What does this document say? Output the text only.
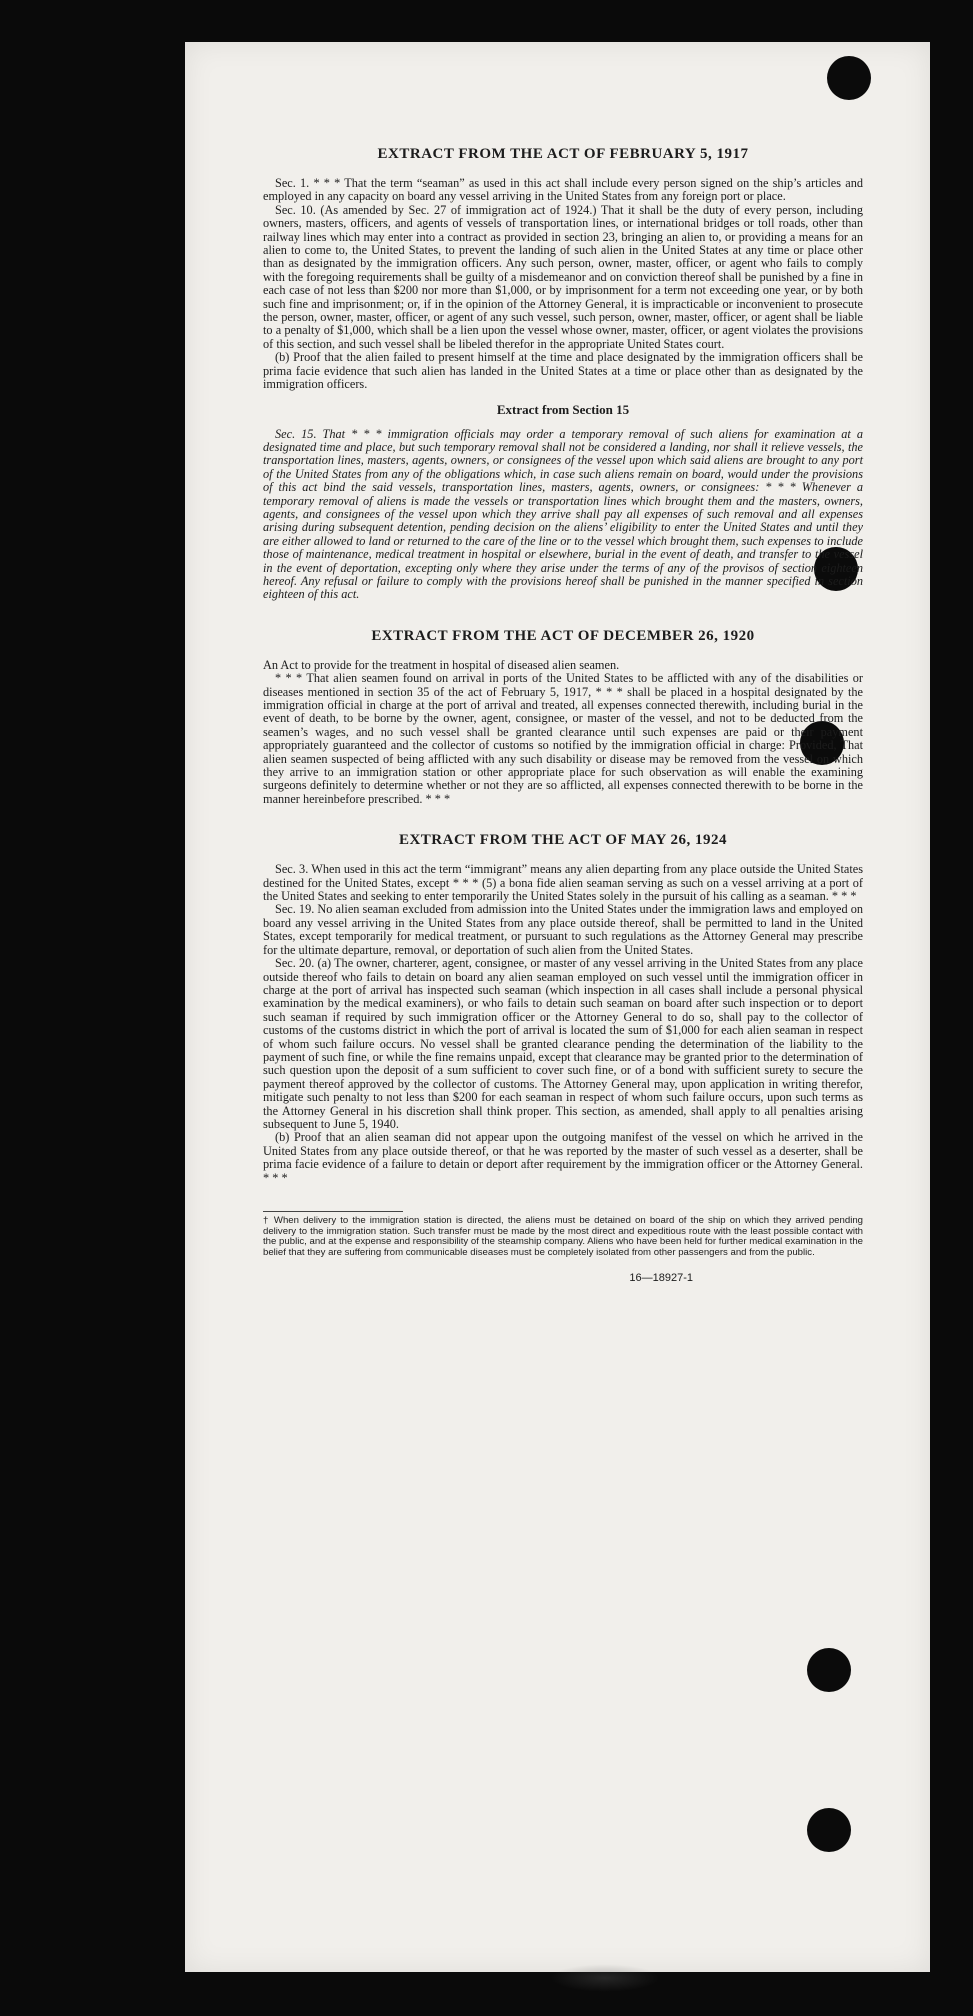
EXTRACT FROM THE ACT OF FEBRUARY 5, 1917

Sec. 1. * * * That the term “seaman” as used in this act shall include every person signed on the ship’s articles and employed in any capacity on board any vessel arriving in the United States from any foreign port or place.

Sec. 10. (As amended by Sec. 27 of immigration act of 1924.) That it shall be the duty of every person, including owners, masters, officers, and agents of vessels of transportation lines, or international bridges or toll roads, other than railway lines which may enter into a contract as provided in section 23, bringing an alien to, or providing a means for an alien to come to, the United States, to prevent the landing of such alien in the United States at any time or place other than as designated by the immigration officers. Any such person, owner, master, officer, or agent who fails to comply with the foregoing requirements shall be guilty of a misdemeanor and on conviction thereof shall be punished by a fine in each case of not less than $200 nor more than $1,000, or by imprisonment for a term not exceeding one year, or by both such fine and imprisonment; or, if in the opinion of the Attorney General, it is impracticable or inconvenient to prosecute the person, owner, master, officer, or agent of any such vessel, such person, owner, master, officer, or agent shall be liable to a penalty of $1,000, which shall be a lien upon the vessel whose owner, master, officer, or agent violates the provisions of this section, and such vessel shall be libeled therefor in the appropriate United States court.

(b) Proof that the alien failed to present himself at the time and place designated by the immigration officers shall be prima facie evidence that such alien has landed in the United States at a time or place other than as designated by the immigration officers.

Extract from Section 15

Sec. 15. That * * * immigration officials may order a temporary removal of such aliens for examination at a designated time and place, but such temporary removal shall not be considered a landing, nor shall it relieve vessels, the transportation lines, masters, agents, owners, or consignees of the vessel upon which said aliens are brought to any port of the United States from any of the obligations which, in case such aliens remain on board, would under the provisions of this act bind the said vessels, transportation lines, masters, agents, owners, or consignees: * * * Whenever a temporary removal of aliens is made the vessels or transportation lines which brought them and the masters, owners, agents, and consignees of the vessel upon which they arrive shall pay all expenses of such removal and all expenses arising during subsequent detention, pending decision on the aliens’ eligibility to enter the United States and until they are either allowed to land or returned to the care of the line or to the vessel which brought them, such expenses to include those of maintenance, medical treatment in hospital or elsewhere, burial in the event of death, and transfer to the vessel in the event of deportation, excepting only where they arise under the terms of any of the provisos of section eighteen hereof. Any refusal or failure to comply with the provisions hereof shall be punished in the manner specified in section eighteen of this act.

EXTRACT FROM THE ACT OF DECEMBER 26, 1920

An Act to provide for the treatment in hospital of diseased alien seamen.

* * * That alien seamen found on arrival in ports of the United States to be afflicted with any of the disabilities or diseases mentioned in section 35 of the act of February 5, 1917, * * * shall be placed in a hospital designated by the immigration official in charge at the port of arrival and treated, all expenses connected therewith, including burial in the event of death, to be borne by the owner, agent, consignee, or master of the vessel, and not to be deducted from the seamen’s wages, and no such vessel shall be granted clearance until such expenses are paid or their payment appropriately guaranteed and the collector of customs so notified by the immigration official in charge: Provided, That alien seamen suspected of being afflicted with any such disability or disease may be removed from the vessel on which they arrive to an immigration station or other appropriate place for such observation as will enable the examining surgeons definitely to determine whether or not they are so afflicted, all expenses connected therewith to be borne in the manner hereinbefore prescribed. * * *

EXTRACT FROM THE ACT OF MAY 26, 1924

Sec. 3. When used in this act the term “immigrant” means any alien departing from any place outside the United States destined for the United States, except * * * (5) a bona fide alien seaman serving as such on a vessel arriving at a port of the United States and seeking to enter temporarily the United States solely in the pursuit of his calling as a seaman. * * *

Sec. 19. No alien seaman excluded from admission into the United States under the immigration laws and employed on board any vessel arriving in the United States from any place outside thereof, shall be permitted to land in the United States, except temporarily for medical treatment, or pursuant to such regulations as the Attorney General may prescribe for the ultimate departure, removal, or deportation of such alien from the United States.

Sec. 20. (a) The owner, charterer, agent, consignee, or master of any vessel arriving in the United States from any place outside thereof who fails to detain on board any alien seaman employed on such vessel until the immigration officer in charge at the port of arrival has inspected such seaman (which inspection in all cases shall include a personal physical examination by the medical examiners), or who fails to detain such seaman on board after such inspection or to deport such seaman if required by such immigration officer or the Attorney General to do so, shall pay to the collector of customs of the customs district in which the port of arrival is located the sum of $1,000 for each alien seaman in respect of whom such failure occurs. No vessel shall be granted clearance pending the determination of the liability to the payment of such fine, or while the fine remains unpaid, except that clearance may be granted prior to the determination of such question upon the deposit of a sum sufficient to cover such fine, or of a bond with sufficient surety to secure the payment thereof approved by the collector of customs. The Attorney General may, upon application in writing therefor, mitigate such penalty to not less than $200 for each seaman in respect of whom such failure occurs, upon such terms as the Attorney General in his discretion shall think proper. This section, as amended, shall apply to all penalties arising subsequent to June 5, 1940.

(b) Proof that an alien seaman did not appear upon the outgoing manifest of the vessel on which he arrived in the United States from any place outside thereof, or that he was reported by the master of such vessel as a deserter, shall be prima facie evidence of a failure to detain or deport after requirement by the immigration officer or the Attorney General. * * *

† When delivery to the immigration station is directed, the aliens must be detained on board of the ship on which they arrived pending delivery to the immigration station. Such transfer must be made by the most direct and expeditious route with the least possible contact with the public, and at the expense and responsibility of the steamship company. Aliens who have been held for further medical examination in the belief that they are suffering from communicable diseases must be completely isolated from other passengers and from the public.
16—18927-1
